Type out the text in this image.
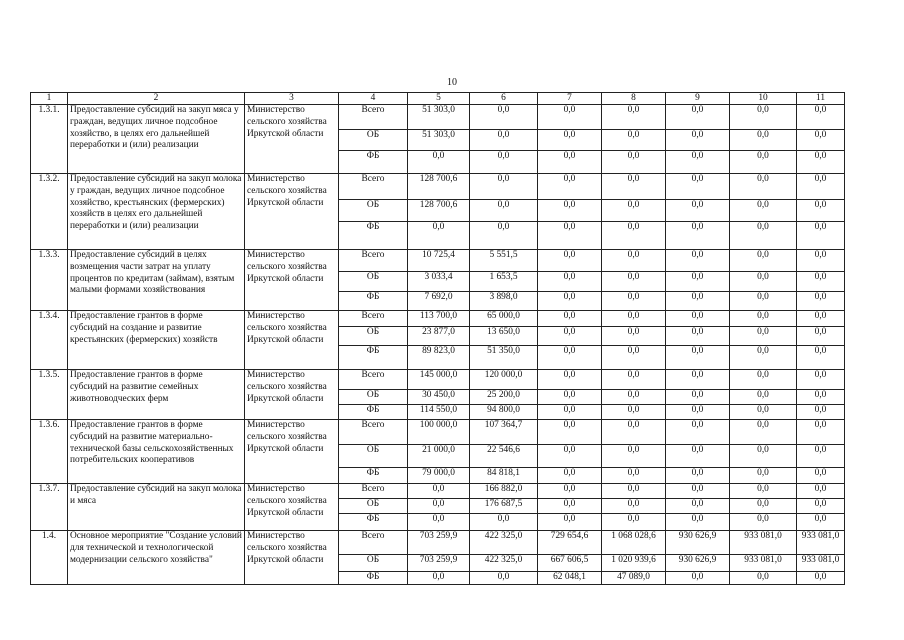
10
1	2	3	4	5	6	7	8	9	10	11
1.3.1.	Предоставление субсидий на закуп мяса у граждан, ведущих личное подсобное хозяйство, в целях его дальнейшей переработки и (или) реализации	Министерство сельского хозяйства Иркутской области	Всего	51 303,0	0,0	0,0	0,0	0,0	0,0	0,0
			ОБ	51 303,0	0,0	0,0	0,0	0,0	0,0	0,0
			ФБ	0,0	0,0	0,0	0,0	0,0	0,0	0,0
1.3.2.	Предоставление субсидий на закуп молока у граждан, ведущих личное подсобное хозяйство, крестьянских (фермерских) хозяйств в целях его дальнейшей переработки и (или) реализации	Министерство сельского хозяйства Иркутской области	Всего	128 700,6	0,0	0,0	0,0	0,0	0,0	0,0
			ОБ	128 700,6	0,0	0,0	0,0	0,0	0,0	0,0
			ФБ	0,0	0,0	0,0	0,0	0,0	0,0	0,0
1.3.3.	Предоставление субсидий в целях возмещения части затрат на уплату процентов по кредитам (займам), взятым малыми формами хозяйствования	Министерство сельского хозяйства Иркутской области	Всего	10 725,4	5 551,5	0,0	0,0	0,0	0,0	0,0
			ОБ	3 033,4	1 653,5	0,0	0,0	0,0	0,0	0,0
			ФБ	7 692,0	3 898,0	0,0	0,0	0,0	0,0	0,0
1.3.4.	Предоставление грантов в форме субсидий на создание и развитие крестьянских (фермерских) хозяйств	Министерство сельского хозяйства Иркутской области	Всего	113 700,0	65 000,0	0,0	0,0	0,0	0,0	0,0
			ОБ	23 877,0	13 650,0	0,0	0,0	0,0	0,0	0,0
			ФБ	89 823,0	51 350,0	0,0	0,0	0,0	0,0	0,0
1.3.5.	Предоставление грантов в форме субсидий на развитие семейных животноводческих ферм	Министерство сельского хозяйства Иркутской области	Всего	145 000,0	120 000,0	0,0	0,0	0,0	0,0	0,0
			ОБ	30 450,0	25 200,0	0,0	0,0	0,0	0,0	0,0
			ФБ	114 550,0	94 800,0	0,0	0,0	0,0	0,0	0,0
1.3.6.	Предоставление грантов в форме субсидий на развитие материально-технической базы сельскохозяйственных потребительских кооперативов	Министерство сельского хозяйства Иркутской области	Всего	100 000,0	107 364,7	0,0	0,0	0,0	0,0	0,0
			ОБ	21 000,0	22 546,6	0,0	0,0	0,0	0,0	0,0
			ФБ	79 000,0	84 818,1	0,0	0,0	0,0	0,0	0,0
1.3.7.	Предоставление субсидий на закуп молока и мяса	Министерство сельского хозяйства Иркутской области	Всего	0,0	166 882,0	0,0	0,0	0,0	0,0	0,0
			ОБ	0,0	176 687,5	0,0	0,0	0,0	0,0	0,0
			ФБ	0,0	0,0	0,0	0,0	0,0	0,0	0,0
1.4.	Основное мероприятие "Создание условий для технической и технологической модернизации сельского хозяйства"	Министерство сельского хозяйства Иркутской области	Всего	703 259,9	422 325,0	729 654,6	1 068 028,6	930 626,9	933 081,0	933 081,0
			ОБ	703 259,9	422 325,0	667 606,5	1 020 939,6	930 626,9	933 081,0	933 081,0
			ФБ	0,0	0,0	62 048,1	47 089,0	0,0	0,0	0,0
